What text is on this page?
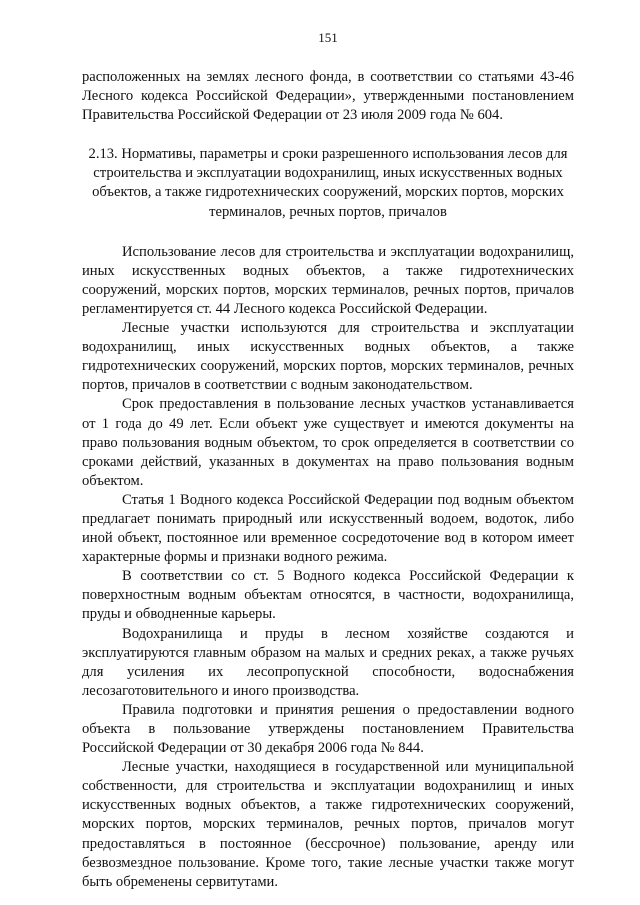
151

расположенных на землях лесного фонда, в соответствии со статьями 43-46 Лесного кодекса Российской Федерации», утвержденными постановлением Правительства Российской Федерации от 23 июля 2009 года № 604.

2.13. Нормативы, параметры и сроки разрешенного использования лесов для строительства и эксплуатации водохранилищ, иных искусственных водных объектов, а также гидротехнических сооружений, морских портов, морских терминалов, речных портов, причалов

Использование лесов для строительства и эксплуатации водохранилищ, иных искусственных водных объектов, а также гидротехнических сооружений, морских портов, морских терминалов, речных портов, причалов регламентируется ст. 44 Лесного кодекса Российской Федерации.

Лесные участки используются для строительства и эксплуатации водохранилищ, иных искусственных водных объектов, а также гидротехнических сооружений, морских портов, морских терминалов, речных портов, причалов в соответствии с водным законодательством.

Срок предоставления в пользование лесных участков устанавливается от 1 года до 49 лет. Если объект уже существует и имеются документы на право пользования водным объектом, то срок определяется в соответствии со сроками действий, указанных в документах на право пользования водным объектом.

Статья 1 Водного кодекса Российской Федерации под водным объектом предлагает понимать природный или искусственный водоем, водоток, либо иной объект, постоянное или временное сосредоточение вод в котором имеет характерные формы и признаки водного режима.

В соответствии со ст. 5 Водного кодекса Российской Федерации к поверхностным водным объектам относятся, в частности, водохранилища, пруды и обводненные карьеры.

Водохранилища и пруды в лесном хозяйстве создаются и эксплуатируются главным образом на малых и средних реках, а также ручьях для усиления их лесопропускной способности, водоснабжения лесозаготовительного и иного производства.

Правила подготовки и принятия решения о предоставлении водного объекта в пользование утверждены постановлением Правительства Российской Федерации от 30 декабря 2006 года № 844.

Лесные участки, находящиеся в государственной или муниципальной собственности, для строительства и эксплуатации водохранилищ и иных искусственных водных объектов, а также гидротехнических сооружений, морских портов, морских терминалов, речных портов, причалов могут предоставляться в постоянное (бессрочное) пользование, аренду или безвозмездное пользование. Кроме того, такие лесные участки также могут быть обременены сервитутами.
